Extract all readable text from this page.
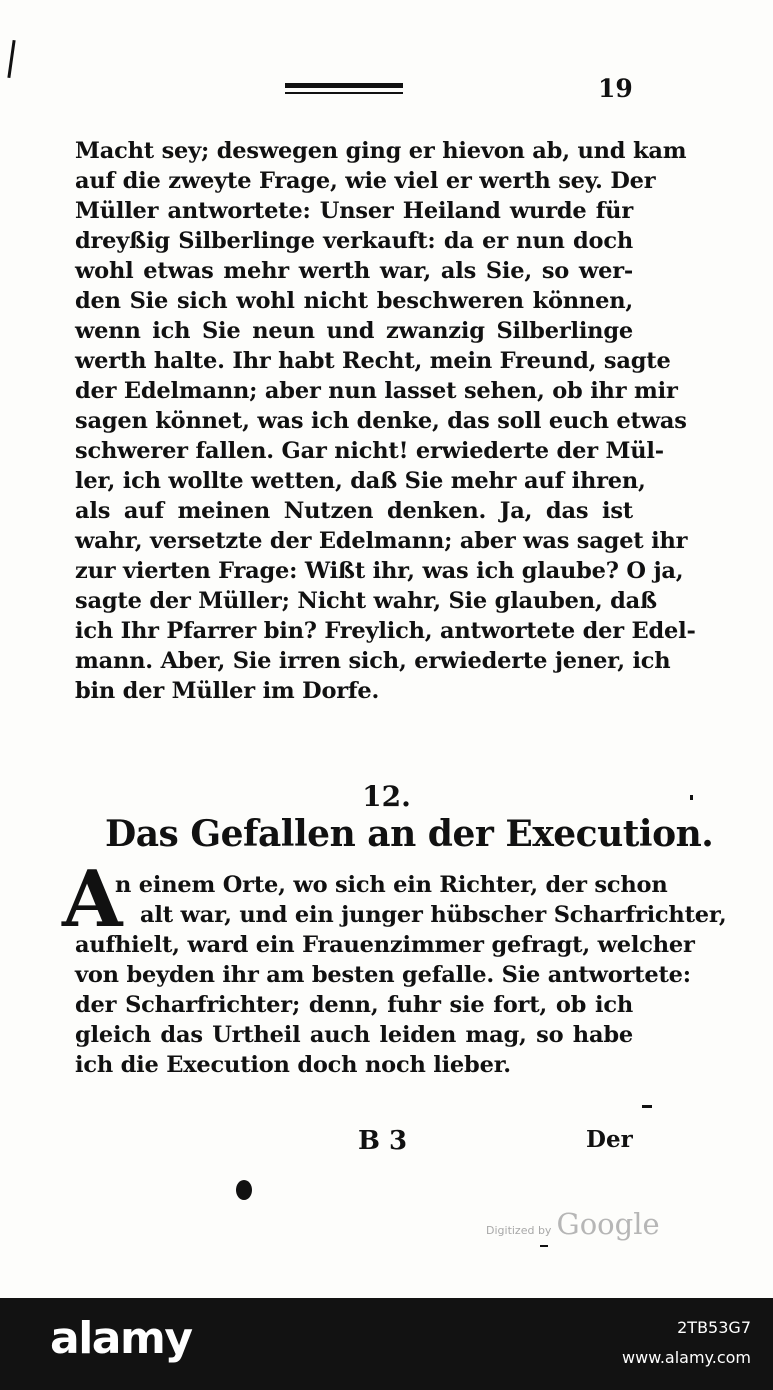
19
Macht sey; deswegen ging er hievon ab, und kam
auf die zweyte Frage, wie viel er werth sey. Der
Müller antwortete: Unser Heiland wurde für
dreyßig Silberlinge verkauft: da er nun doch
wohl etwas mehr werth war, als Sie, so wer-
den Sie sich wohl nicht beschweren können,
wenn ich Sie neun und zwanzig Silberlinge
werth halte. Ihr habt Recht, mein Freund, sagte
der Edelmann; aber nun lasset sehen, ob ihr mir
sagen könnet, was ich denke, das soll euch etwas
schwerer fallen. Gar nicht! erwiederte der Mül-
ler, ich wollte wetten, daß Sie mehr auf ihren,
als auf meinen Nutzen denken. Ja, das ist
wahr, versetzte der Edelmann; aber was saget ihr
zur vierten Frage: Wißt ihr, was ich glaube? O ja,
sagte der Müller; Nicht wahr, Sie glauben, daß
ich Ihr Pfarrer bin? Freylich, antwortete der Edel-
mann. Aber, Sie irren sich, erwiederte jener, ich
bin der Müller im Dorfe.
12.
Das Gefallen an der Execution.
A
n einem Orte, wo sich ein Richter, der schon
alt war, und ein junger hübscher Scharfrichter,
aufhielt, ward ein Frauenzimmer gefragt, welcher
von beyden ihr am besten gefalle. Sie antwortete:
der Scharfrichter; denn, fuhr sie fort, ob ich
gleich das Urtheil auch leiden mag, so habe
ich die Execution doch noch lieber.
B 3	Der
Digitized by Google
alamy	2TB53G7
www.alamy.com
